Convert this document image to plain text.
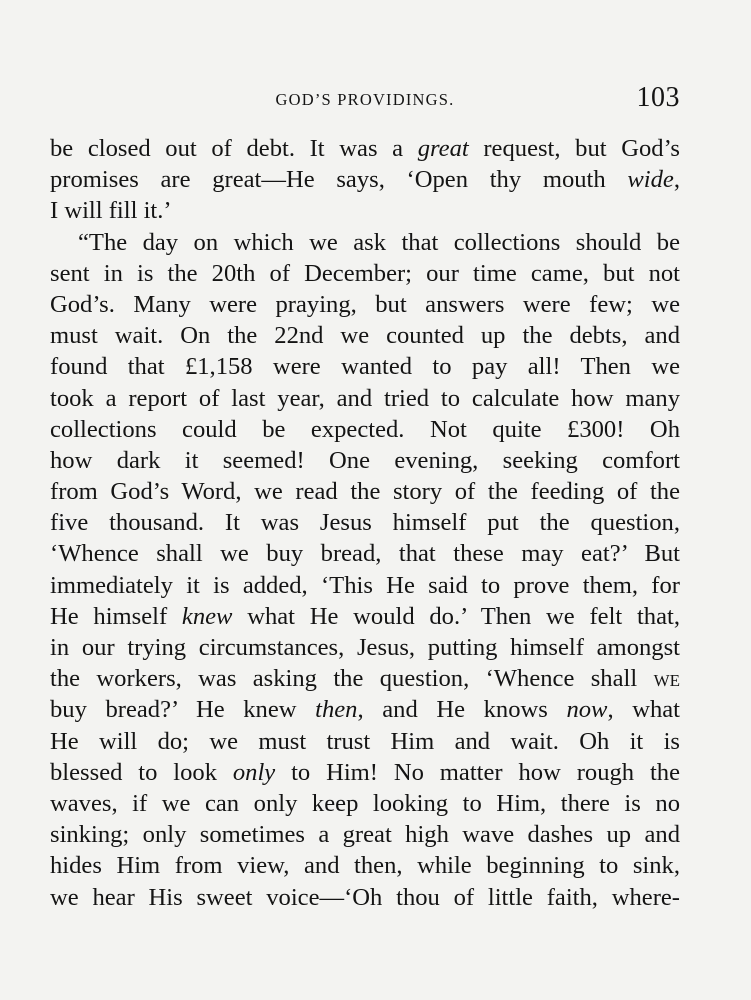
GOD’S PROVIDINGS.	103
be closed out of debt. It was a great request, but God’s
promises are great—He says, ‘Open thy mouth wide,
I will fill it.’
“The day on which we ask that collections should be
sent in is the 20th of December; our time came, but not
God’s. Many were praying, but answers were few; we
must wait. On the 22nd we counted up the debts, and
found that £1,158 were wanted to pay all! Then we
took a report of last year, and tried to calculate how many
collections could be expected. Not quite £300! Oh
how dark it seemed! One evening, seeking comfort
from God’s Word, we read the story of the feeding of the
five thousand. It was Jesus himself put the question,
‘Whence shall we buy bread, that these may eat?’ But
immediately it is added, ‘This He said to prove them, for
He himself knew what He would do.’ Then we felt that,
in our trying circumstances, Jesus, putting himself amongst
the workers, was asking the question, ‘Whence shall we
buy bread?’ He knew then, and He knows now, what
He will do; we must trust Him and wait. Oh it is
blessed to look only to Him! No matter how rough the
waves, if we can only keep looking to Him, there is no
sinking; only sometimes a great high wave dashes up and
hides Him from view, and then, while beginning to sink,
we hear His sweet voice—‘Oh thou of little faith, where-
